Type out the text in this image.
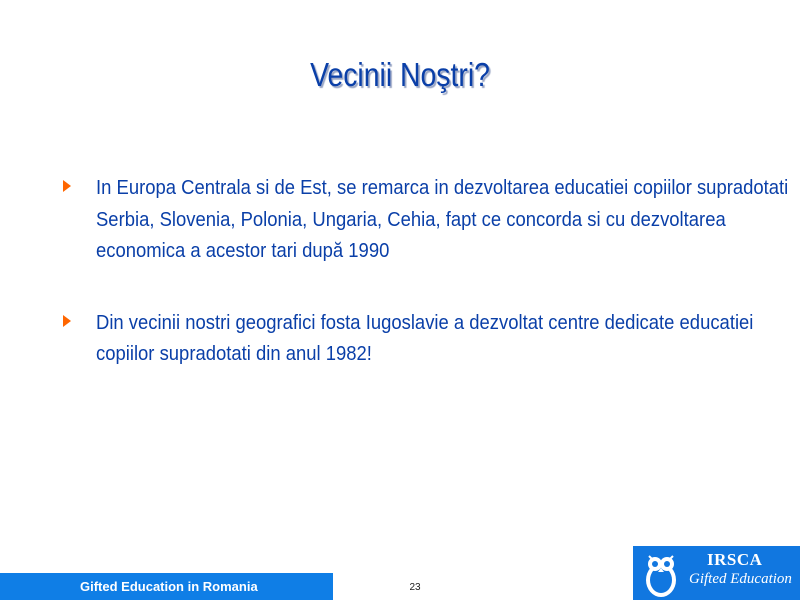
Vecinii Noştri?
In Europa Centrala si de Est, se remarca in dezvoltarea educatiei copiilor supradotati Serbia, Slovenia, Polonia, Ungaria, Cehia, fapt ce concorda si cu dezvoltarea economica a acestor tari după 1990
Din vecinii nostri geografici fosta Iugoslavie a dezvoltat centre dedicate educatiei copiilor supradotati din anul 1982!
Gifted Education in Romania	23
IRSCA
Gifted Education
